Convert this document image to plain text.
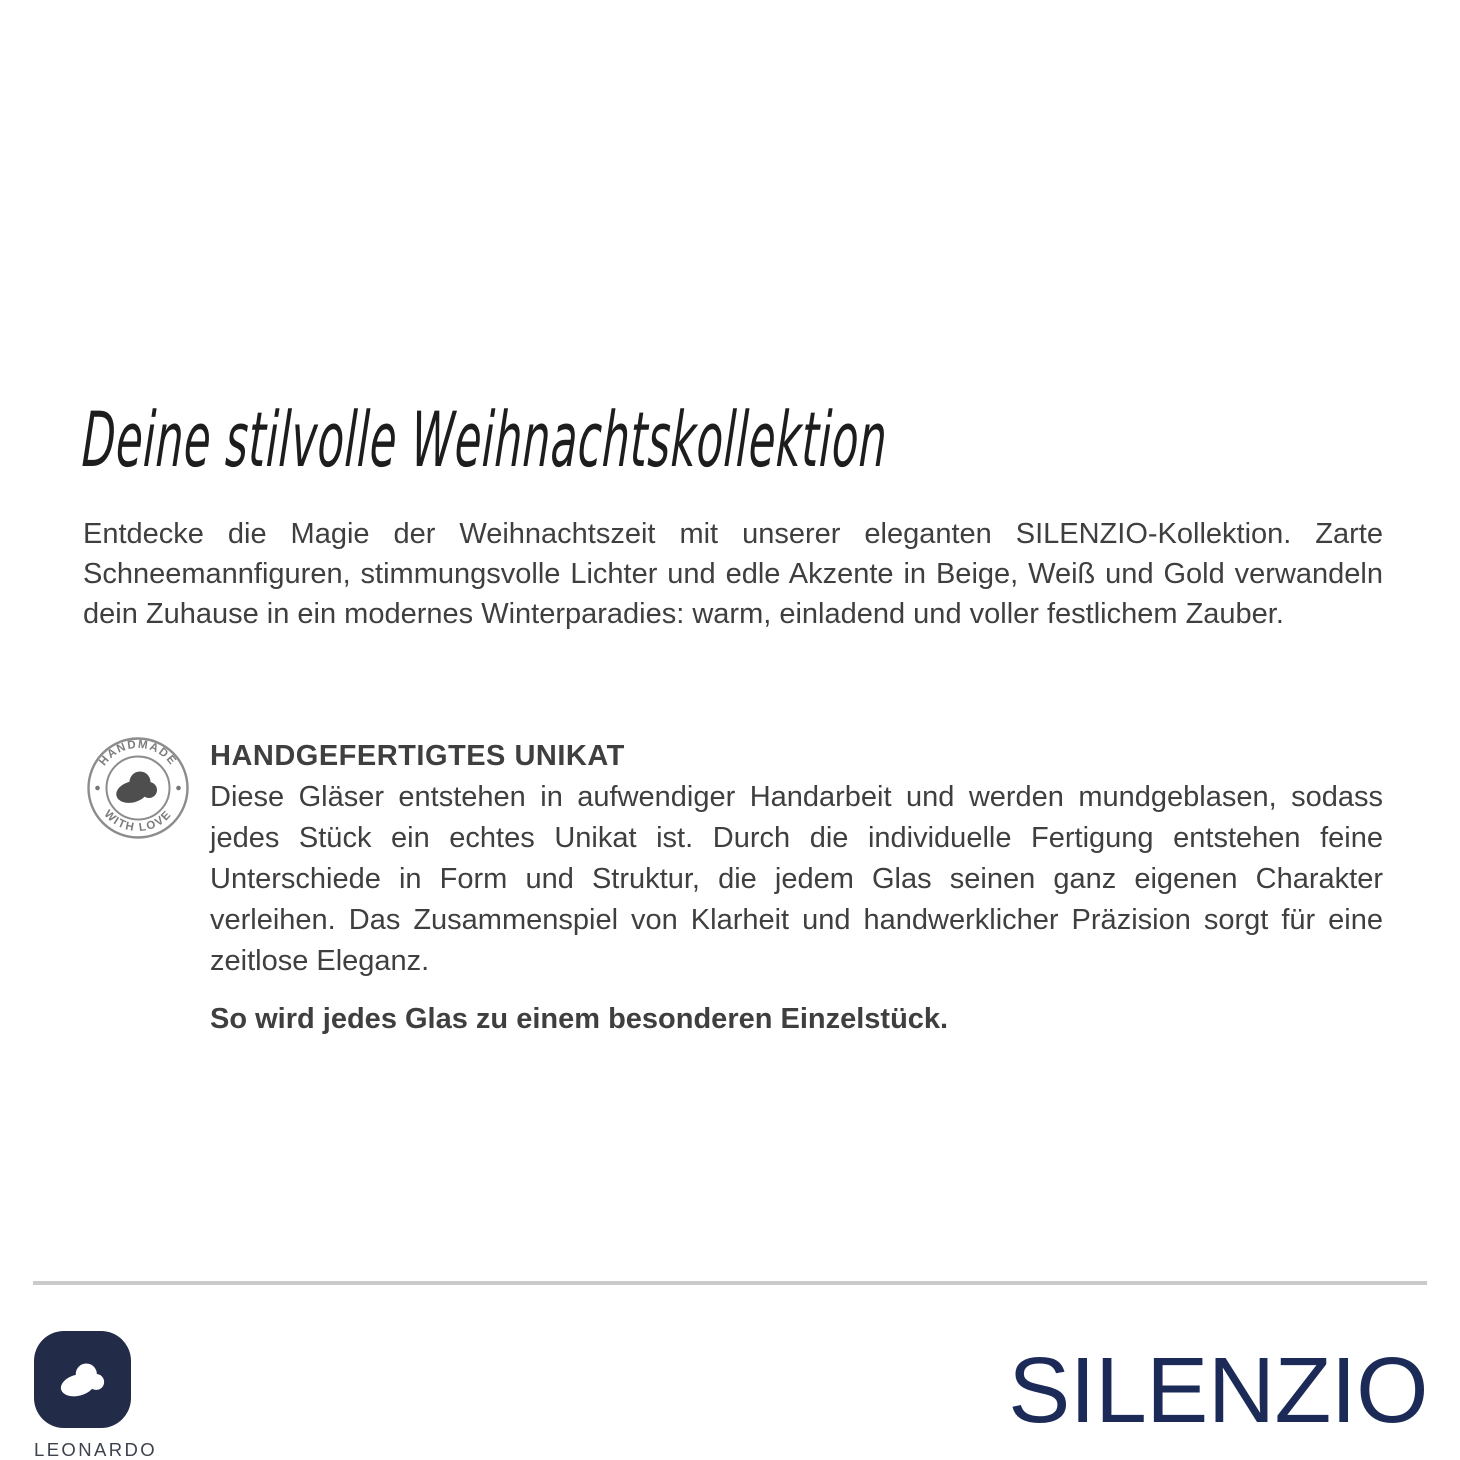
Deine stilvolle Weihnachtskollektion
Entdecke die Magie der Weihnachtszeit mit unserer eleganten SILENZIO-Kollektion. Zarte Schneemannfiguren, stimmungsvolle Lichter und edle Akzente in Beige, Weiß und Gold verwandeln dein Zuhause in ein modernes Winterparadies: warm, einladend und voller festlichem Zauber.
HANDMADE
WITH LOVE
HANDGEFERTIGTES UNIKAT
Diese Gläser entstehen in aufwendiger Handarbeit und werden mundgeblasen, sodass jedes Stück ein echtes Unikat ist. Durch die individuelle Fertigung entstehen feine Unterschiede in Form und Struktur, die jedem Glas seinen ganz eigenen Charakter verleihen. Das Zusammenspiel von Klarheit und handwerklicher Präzision sorgt für eine zeitlose Eleganz.
So wird jedes Glas zu einem besonderen Einzelstück.
LEONARDO
SILENZIO
